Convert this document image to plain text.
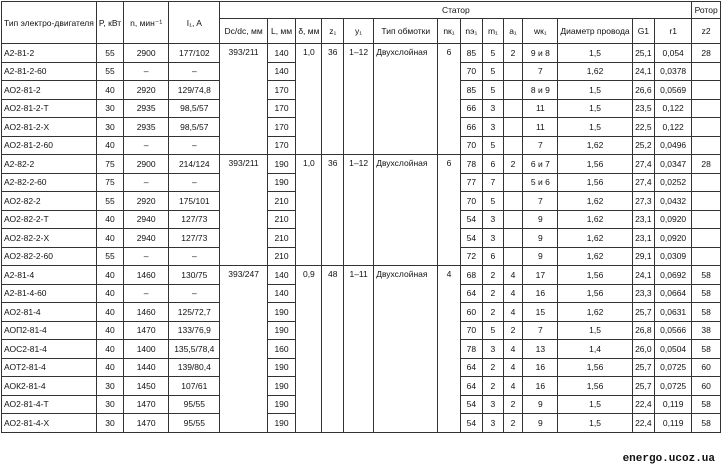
Тип электро-двигателя	P, кВт	n, мин⁻¹	I₁, A	Статор														Ротор
				Dc/dc, мм	L, мм	δ, мм	z₁	y₁	Тип обмотки	nк₁	nэ₁	m₁	a₁	wк₁	Диаметр провода	G1	r1	z2
А2-81-2	55	2900	177/102	393/211	140	1,0	36	1–12	Двухслойная	6	85	5	2	9 и 8	1,5	25,1	0,054	28
А2-81-2-60	55	–	–		140						70	5		7	1,62	24,1	0,0378	
АО2-81-2	40	2920	129/74,8		170						85	5		8 и 9	1,5	26,6	0,0569	
АО2-81-2-Т	30	2935	98,5/57		170						66	3		11	1,5	23,5	0,122	
АО2-81-2-Х	30	2935	98,5/57		170						66	3		11	1,5	22,5	0,122	
АО2-81-2-60	40	–	–		170						70	5		7	1,62	25,2	0,0496	
А2-82-2	75	2900	214/124	393/211	190	1,0	36	1–12	Двухслойная	6	78	6	2	6 и 7	1,56	27,4	0,0347	28
А2-82-2-60	75	–	–		190						77	7		5 и 6	1,56	27,4	0,0252	
АО2-82-2	55	2920	175/101		210						70	5		7	1,62	27,3	0,0432	
АО2-82-2-Т	40	2940	127/73		210						54	3		9	1,62	23,1	0,0920	
АО2-82-2-Х	40	2940	127/73		210						54	3		9	1,62	23,1	0,0920	
АО2-82-2-60	55	–	–		210						72	6		9	1,62	29,1	0,0309	
А2-81-4	40	1460	130/75	393/247	140	0,9	48	1–11	Двухслойная	4	68	2	4	17	1,56	24,1	0,0692	58
А2-81-4-60	40	–	–		140						64	2	4	16	1,56	23,3	0,0664	58
АО2-81-4	40	1460	125/72,7		190						60	2	4	15	1,62	25,7	0,0631	58
АОП2-81-4	40	1470	133/76,9		190						70	5	2	7	1,5	26,8	0,0566	38
АОС2-81-4	40	1400	135,5/78,4		160						78	3	4	13	1,4	26,0	0,0504	58
АОТ2-81-4	40	1440	139/80,4		190						64	2	4	16	1,56	25,7	0,0725	60
АОК2-81-4	30	1450	107/61		190						64	2	4	16	1,56	25,7	0,0725	60
АО2-81-4-Т	30	1470	95/55		190						54	3	2	9	1,5	22,4	0,119	58
АО2-81-4-Х	30	1470	95/55		190						54	3	2	9	1,5	22,4	0,119	58
energo.ucoz.ua
